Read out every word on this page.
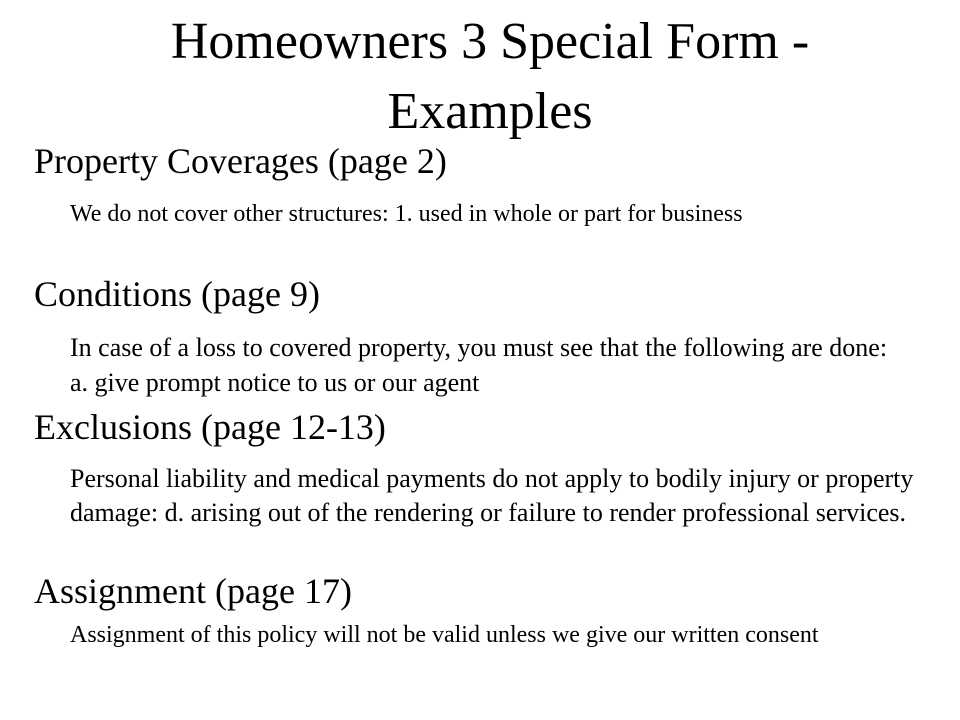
Homeowners 3 Special Form -
Examples
Property Coverages (page 2)

We do not cover other structures: 1. used in whole or part for business

Conditions (page 9)

In case of a loss to covered property, you must see that the following are done: a. give prompt notice to us or our agent

Exclusions (page 12-13)

Personal liability and medical payments do not apply to bodily injury or property damage: d. arising out of the rendering or failure to render professional services.

Assignment (page 17)

Assignment of this policy will not be valid unless we give our written consent
